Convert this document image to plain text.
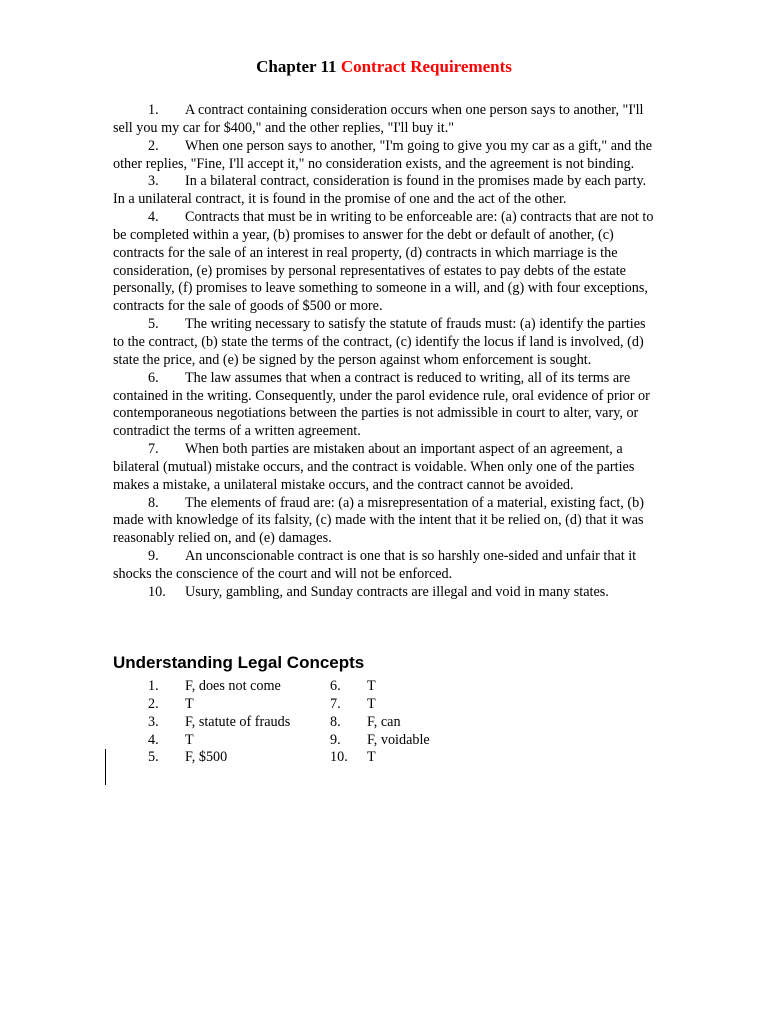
Chapter 11 Contract Requirements
1. A contract containing consideration occurs when one person says to another, "I'll sell you my car for $400," and the other replies, "I'll buy it."
2. When one person says to another, "I'm going to give you my car as a gift," and the other replies, "Fine, I'll accept it," no consideration exists, and the agreement is not binding.
3. In a bilateral contract, consideration is found in the promises made by each party. In a unilateral contract, it is found in the promise of one and the act of the other.
4. Contracts that must be in writing to be enforceable are: (a) contracts that are not to be completed within a year, (b) promises to answer for the debt or default of another, (c) contracts for the sale of an interest in real property, (d) contracts in which marriage is the consideration, (e) promises by personal representatives of estates to pay debts of the estate personally, (f) promises to leave something to someone in a will, and (g) with four exceptions, contracts for the sale of goods of $500 or more.
5. The writing necessary to satisfy the statute of frauds must: (a) identify the parties to the contract, (b) state the terms of the contract, (c) identify the locus if land is involved, (d) state the price, and (e) be signed by the person against whom enforcement is sought.
6. The law assumes that when a contract is reduced to writing, all of its terms are contained in the writing. Consequently, under the parol evidence rule, oral evidence of prior or contemporaneous negotiations between the parties is not admissible in court to alter, vary, or contradict the terms of a written agreement.
7. When both parties are mistaken about an important aspect of an agreement, a bilateral (mutual) mistake occurs, and the contract is voidable. When only one of the parties makes a mistake, a unilateral mistake occurs, and the contract cannot be avoided.
8. The elements of fraud are: (a) a misrepresentation of a material, existing fact, (b) made with knowledge of its falsity, (c) made with the intent that it be relied on, (d) that it was reasonably relied on, and (e) damages.
9. An unconscionable contract is one that is so harshly one-sided and unfair that it shocks the conscience of the court and will not be enforced.
10. Usury, gambling, and Sunday contracts are illegal and void in many states.
Understanding Legal Concepts
1.	F, does not come
2.	T
3.	F, statute of frauds
4.	T
5.	F, $500
6.	T
7.	T
8.	F, can
9.	F, voidable
10.	T
